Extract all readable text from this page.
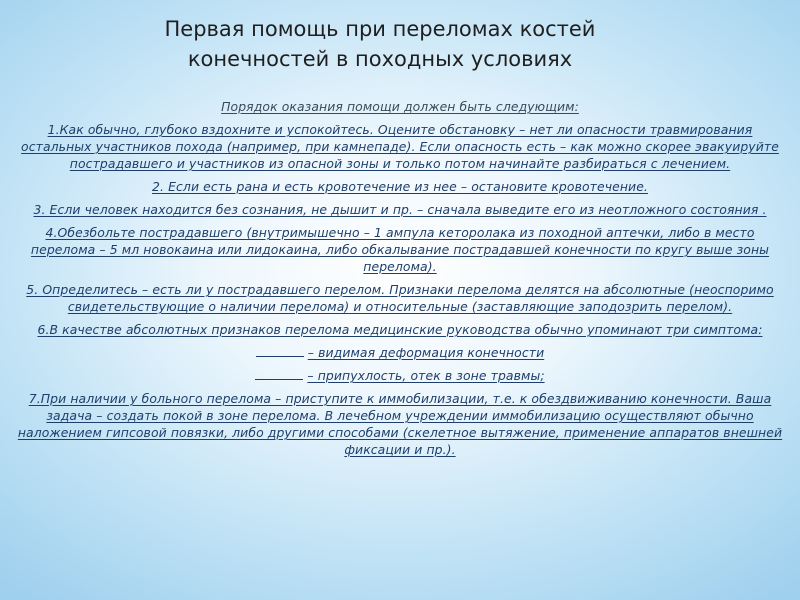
Первая помощь при переломах костей
конечностей в походных условиях

Порядок оказания помощи должен быть следующим:

1.Как обычно, глубоко вздохните и успокойтесь. Оцените обстановку – нет ли опасности травмирования остальных участников похода (например, при камнепаде). Если опасность есть – как можно скорее эвакуируйте пострадавшего и участников из опасной зоны и только потом начинайте разбираться с лечением.

2. Если есть рана и есть кровотечение из нее – остановите кровотечение.

3. Если человек находится без сознания, не дышит и пр. – сначала выведите его из неотложного состояния .

4.Обезбольте пострадавшего (внутримышечно – 1 ампула кеторолака из походной аптечки, либо в место перелома – 5 мл новокаина или лидокаина, либо обкалывание пострадавшей конечности по кругу выше зоны перелома).

5. Определитесь – есть ли у пострадавшего перелом. Признаки перелома делятся на абсолютные (неоспоримо свидетельствующие о наличии перелома) и относительные (заставляющие заподозрить перелом).

6.В качестве абсолютных признаков перелома медицинские руководства обычно упоминают три симптома:

– видимая деформация конечности

– припухлость, отек в зоне травмы;

7.При наличии у больного перелома – приступите к иммобилизации, т.е. к обездвиживанию конечности. Ваша задача – создать покой в зоне перелома. В лечебном учреждении иммобилизацию осуществляют обычно наложением гипсовой повязки, либо другими способами (скелетное вытяжение, применение аппаратов внешней фиксации и пр.).
